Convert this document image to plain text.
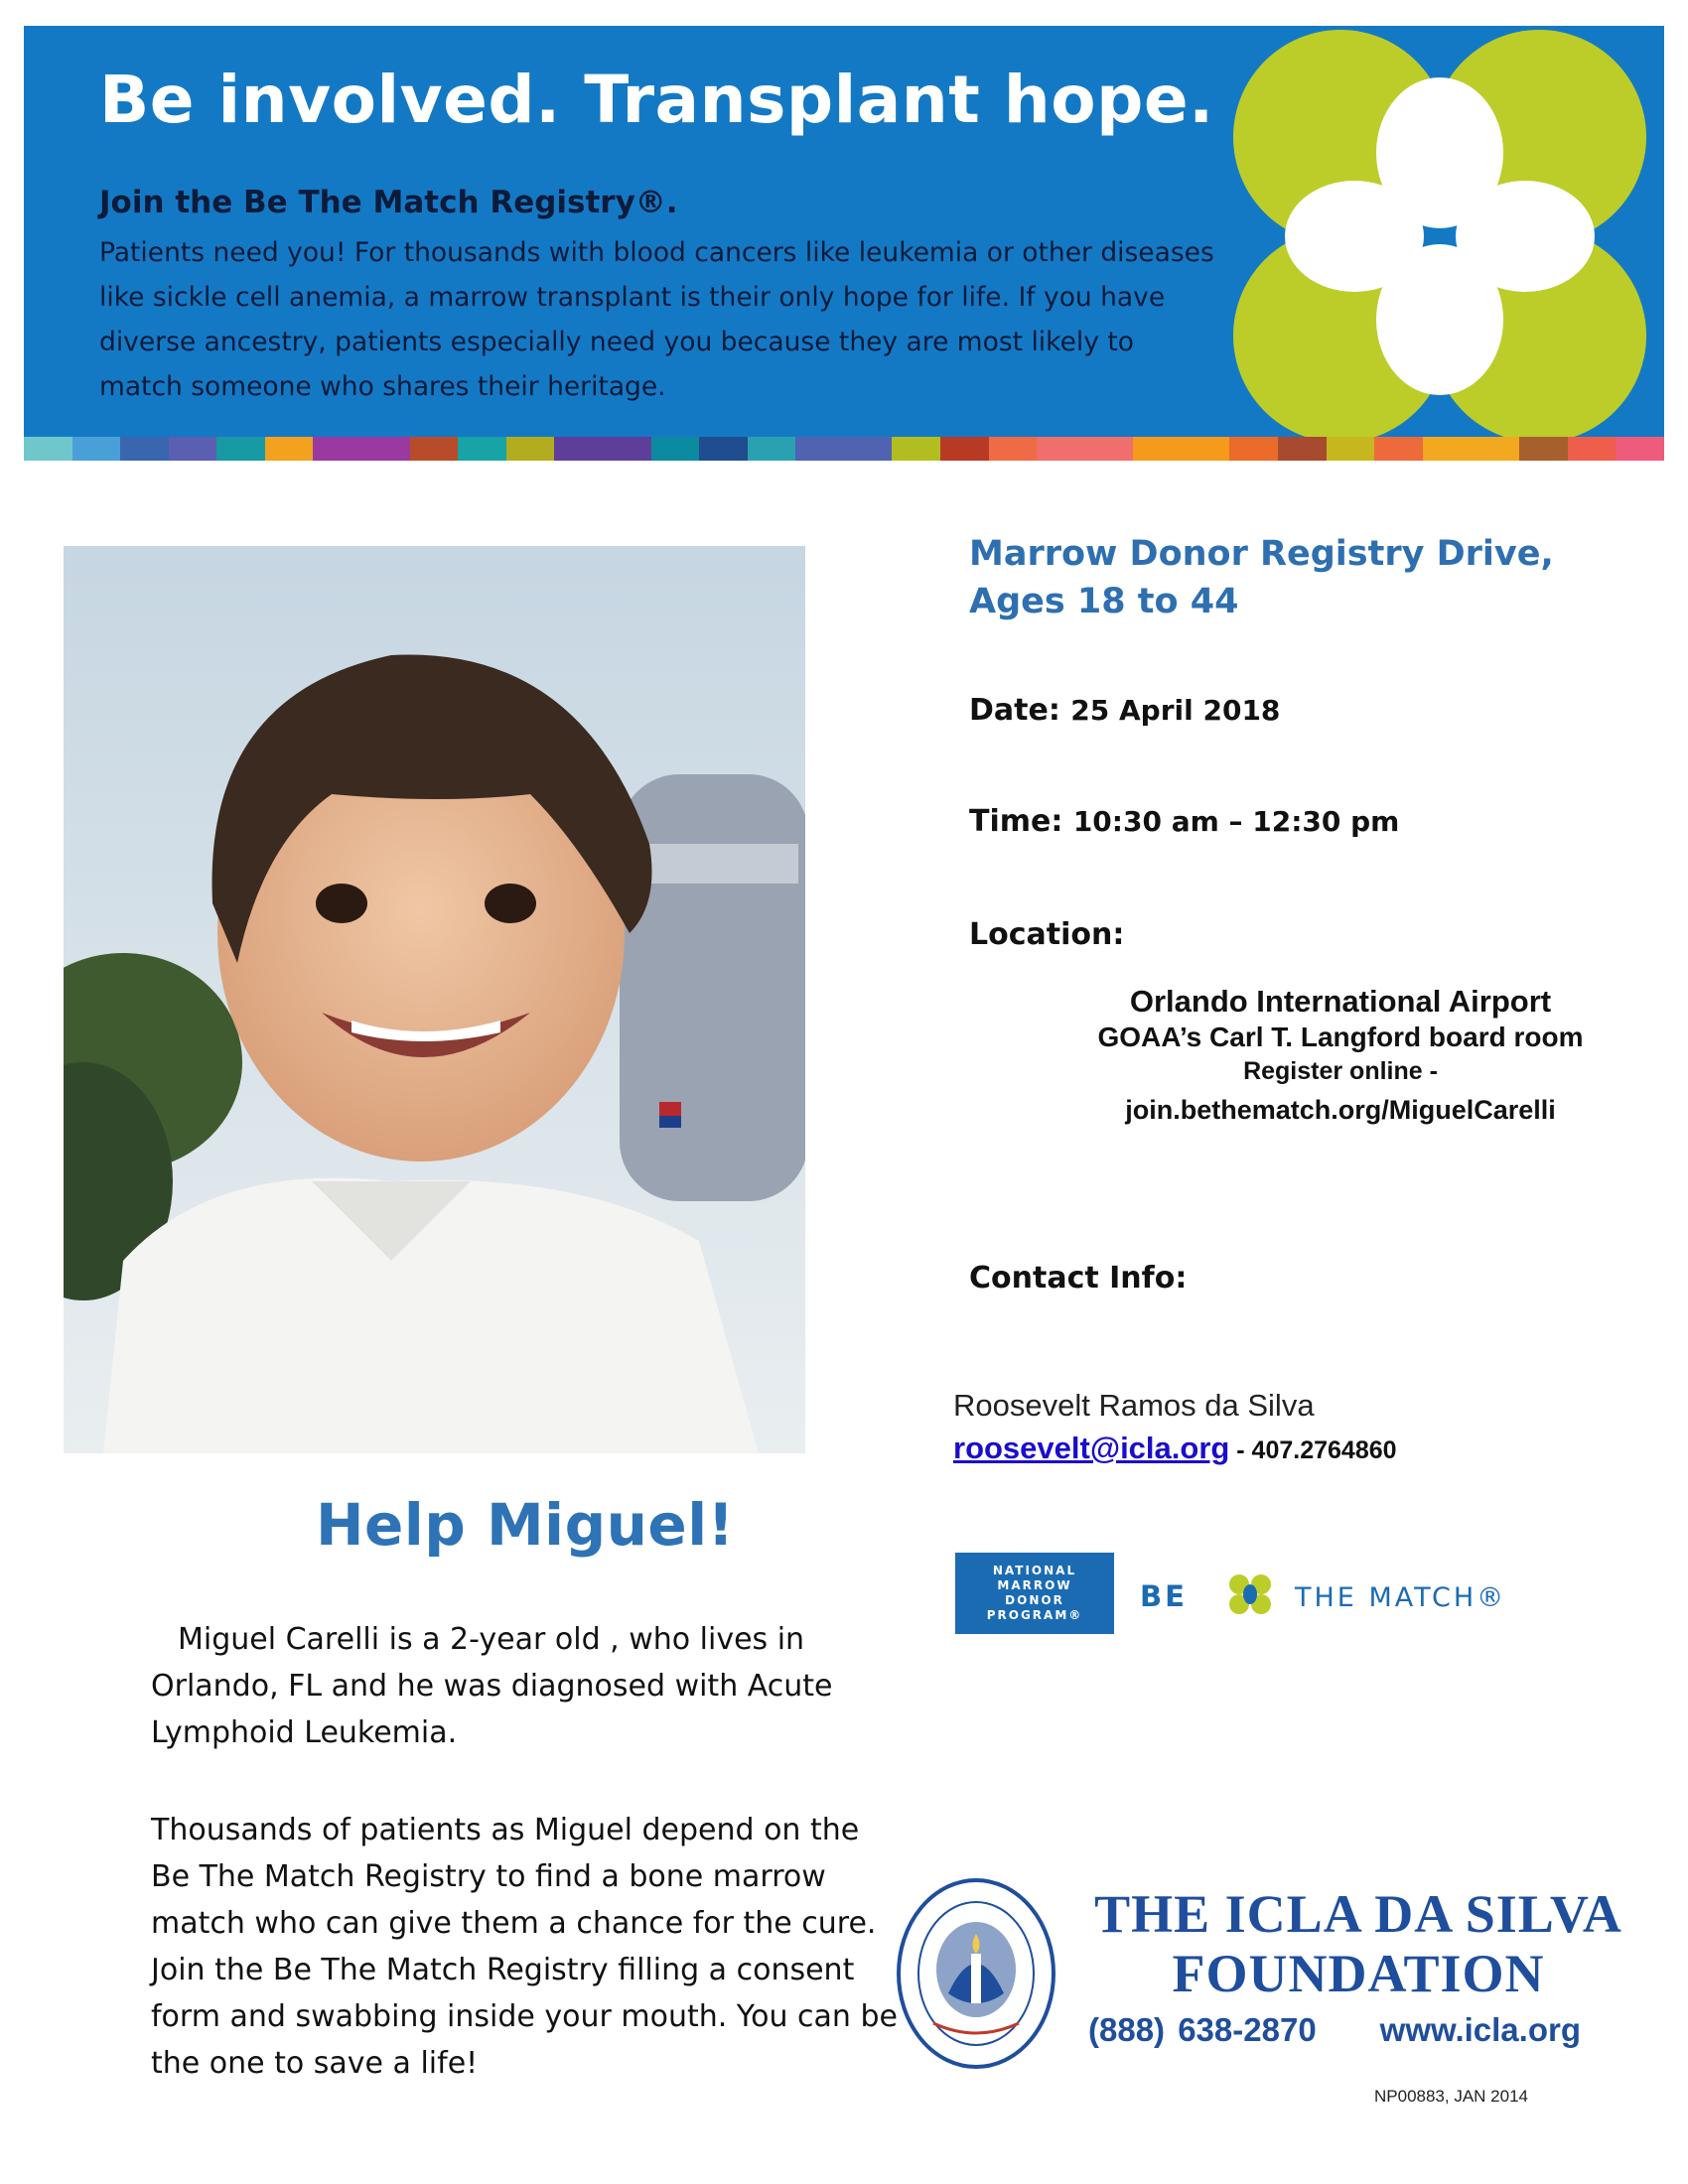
Be involved. Transplant hope.

Join the Be The Match Registry®.

Patients need you! For thousands with blood cancers like leukemia or other diseases like sickle cell anemia, a marrow transplant is their only hope for life. If you have diverse ancestry, patients especially need you because they are most likely to match someone who shares their heritage.

Help Miguel!

Miguel Carelli is a 2-year old , who lives in Orlando, FL and he was diagnosed with Acute Lymphoid Leukemia.

Thousands of patients as Miguel depend on the Be The Match Registry to find a bone marrow match who can give them a chance for the cure.
Join the Be The Match Registry filling a consent form and swabbing inside your mouth. You can be the one to save a life!
Marrow Donor Registry Drive, Ages 18 to 44

Date: 25 April 2018

Time: 10:30 am – 12:30 pm

Location:

Orlando International Airport
GOAA’s Carl T. Langford board room
Register online -
join.bethematch.org/MiguelCarelli

Contact Info:

Roosevelt Ramos da Silva

roosevelt@icla.org - 407.2764860

NATIONAL
MARROW
DONOR
PROGRAM®
BE	THE MATCH®
THE ICLA DA SILVA
FOUNDATION

(888) 638-2870 www.icla.org

NP00883, JAN 2014
